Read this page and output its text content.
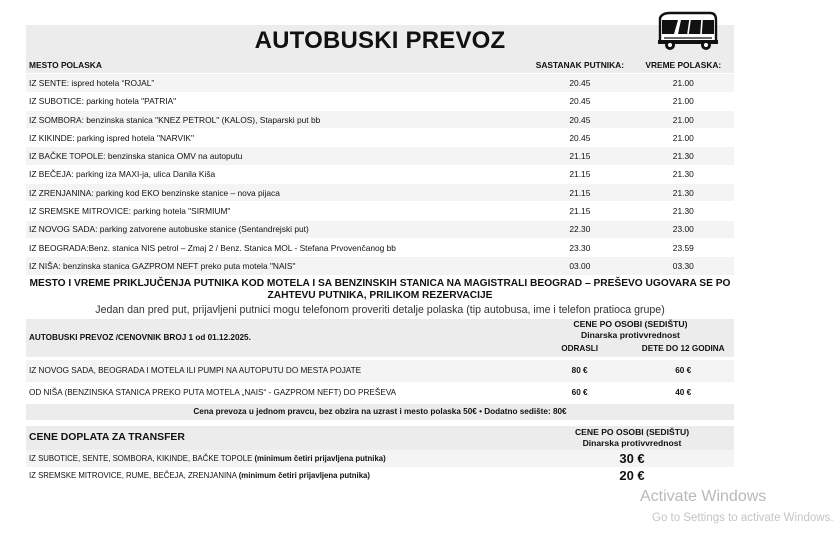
AUTOBUSKI PREVOZ
MESTO POLASKA	SASTANAK PUTNIKA:	VREME POLASKA:
IZ SENTE: ispred hotela “ROJAL”	20.45	21.00
IZ SUBOTICE: parking hotela "PATRIA"	20.45	21.00
IZ SOMBORA: benzinska stanica "KNEZ PETROL" (KALOS), Staparski put bb	20.45	21.00
IZ KIKINDE: parking ispred hotela "NARVIK"	20.45	21.00
IZ BAČKE TOPOLE: benzinska stanica OMV na autoputu	21.15	21.30
IZ BEČEJA: parking iza MAXI-ja, ulica Danila Kiša	21.15	21.30
IZ ZRENJANINA: parking kod EKO benzinske stanice – nova pijaca	21.15	21.30
IZ SREMSKE MITROVICE: parking hotela "SIRMIUM"	21.15	21.30
IZ NOVOG SADA: parking zatvorene autobuske stanice (Sentandrejski put)	22.30	23.00
IZ BEOGRADA:Benz. stanica NIS petrol – Zmaj 2 / Benz. Stanica MOL - Stefana Prvovenčanog bb	23.30	23.59
IZ NIŠA: benzinska stanica GAZPROM NEFT preko puta motela "NAIS"	03.00	03.30
MESTO I VREME PRIKLJUČENJA PUTNIKA KOD MOTELA I SA BENZINSKIH STANICA NA MAGISTRALI BEOGRAD – PREŠEVO UGOVARA SE PO ZAHTEVU PUTNIKA, PRILIKOM REZERVACIJE
Jedan dan pred put, prijavljeni putnici mogu telefonom proveriti detalje polaska (tip autobusa, ime i telefon pratioca grupe)
AUTOBUSKI PREVOZ /CENOVNIK BROJ 1 od 01.12.2025.	CENE PO OSOBI (SEDIŠTU)
Dinarska protivvrednost	

	ODRASLI	DETE DO 12 GODINA

IZ NOVOG SADA, BEOGRADA I MOTELA ILI PUMPI NA AUTOPUTU DO MESTA POJATE	80 €	60 €
OD NIŠA (BENZINSKA STANICA PREKO PUTA MOTELA „NAIS“ - GAZPROM NEFT) DO PREŠEVA	60 €	40 €
Cena prevoza u jednom pravcu, bez obzira na uzrast i mesto polaska 50€ • Dodatno sedište: 80€		
CENE DOPLATA ZA TRANSFER	CENE PO OSOBI (SEDIŠTU)
Dinarska protivvrednost

IZ SUBOTICE, SENTE, SOMBORA, KIKINDE, BAČKE TOPOLE (minimum četiri prijavljena putnika)	30 €
IZ SREMSKE MITROVICE, RUME, BEČEJA, ZRENJANINA (minimum četiri prijavljena putnika)	20 €
Activate Windows
Go to Settings to activate Windows.
